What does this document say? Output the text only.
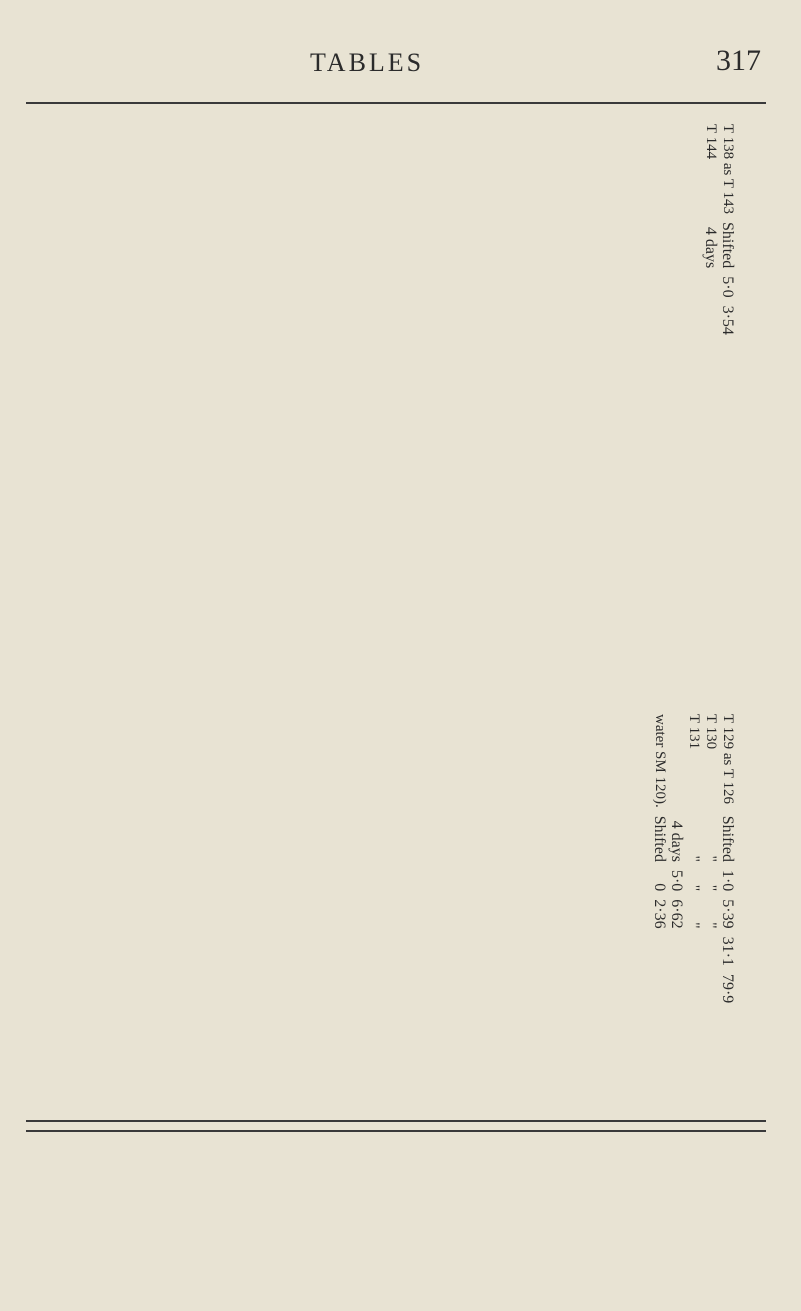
TABLES	317
T 138 as T 143	Shifted	5·0	3·54
T 144	4 days		
T 129 as T 126	Shifted	1·0	5·39	31·1	79·9
T 130	"	"	"		
T 131	"	"	"		
	4 days	5·0	6·62		
water SM 120).	Shifted	0	2·36		
